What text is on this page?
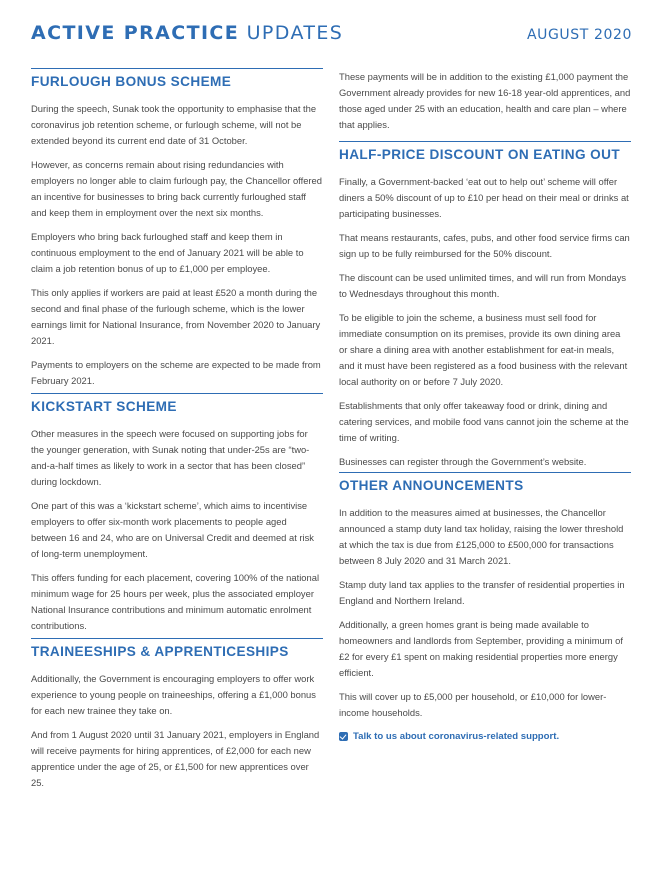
ACTIVE PRACTICE UPDATES	AUGUST 2020
FURLOUGH BONUS SCHEME

During the speech, Sunak took the opportunity to emphasise that the coronavirus job retention scheme, or furlough scheme, will not be extended beyond its current end date of 31 October.

However, as concerns remain about rising redundancies with employers no longer able to claim furlough pay, the Chancellor offered an incentive for businesses to bring back currently furloughed staff and keep them in employment over the next six months.

Employers who bring back furloughed staff and keep them in continuous employment to the end of January 2021 will be able to claim a job retention bonus of up to £1,000 per employee.

This only applies if workers are paid at least £520 a month during the second and final phase of the furlough scheme, which is the lower earnings limit for National Insurance, from November 2020 to January 2021.

Payments to employers on the scheme are expected to be made from February 2021.

KICKSTART SCHEME

Other measures in the speech were focused on supporting jobs for the younger generation, with Sunak noting that under-25s are “two-and-a-half times as likely to work in a sector that has been closed” during lockdown.

One part of this was a ‘kickstart scheme’, which aims to incentivise employers to offer six-month work placements to people aged between 16 and 24, who are on Universal Credit and deemed at risk of long-term unemployment.

This offers funding for each placement, covering 100% of the national minimum wage for 25 hours per week, plus the associated employer National Insurance contributions and minimum automatic enrolment contributions.

TRAINEESHIPS & APPRENTICESHIPS

Additionally, the Government is encouraging employers to offer work experience to young people on traineeships, offering a £1,000 bonus for each new trainee they take on.

And from 1 August 2020 until 31 January 2021, employers in England will receive payments for hiring apprentices, of £2,000 for each new apprentice under the age of 25, or £1,500 for new apprentices over 25.

These payments will be in addition to the existing £1,000 payment the Government already provides for new 16-18 year-old apprentices, and those aged under 25 with an education, health and care plan – where that applies.

HALF-PRICE DISCOUNT ON EATING OUT

Finally, a Government-backed ‘eat out to help out’ scheme will offer diners a 50% discount of up to £10 per head on their meal or drinks at participating businesses.

That means restaurants, cafes, pubs, and other food service firms can sign up to be fully reimbursed for the 50% discount.

The discount can be used unlimited times, and will run from Mondays to Wednesdays throughout this month.

To be eligible to join the scheme, a business must sell food for immediate consumption on its premises, provide its own dining area or share a dining area with another establishment for eat-in meals, and it must have been registered as a food business with the relevant local authority on or before 7 July 2020.

Establishments that only offer takeaway food or drink, dining and catering services, and mobile food vans cannot join the scheme at the time of writing.

Businesses can register through the Government’s website.

OTHER ANNOUNCEMENTS

In addition to the measures aimed at businesses, the Chancellor announced a stamp duty land tax holiday, raising the lower threshold at which the tax is due from £125,000 to £500,000 for transactions between 8 July 2020 and 31 March 2021.

Stamp duty land tax applies to the transfer of residential properties in England and Northern Ireland.

Additionally, a green homes grant is being made available to homeowners and landlords from September, providing a minimum of £2 for every £1 spent on making residential properties more energy efficient.

This will cover up to £5,000 per household, or £10,000 for lower-income households.

Talk to us about coronavirus-related support.
